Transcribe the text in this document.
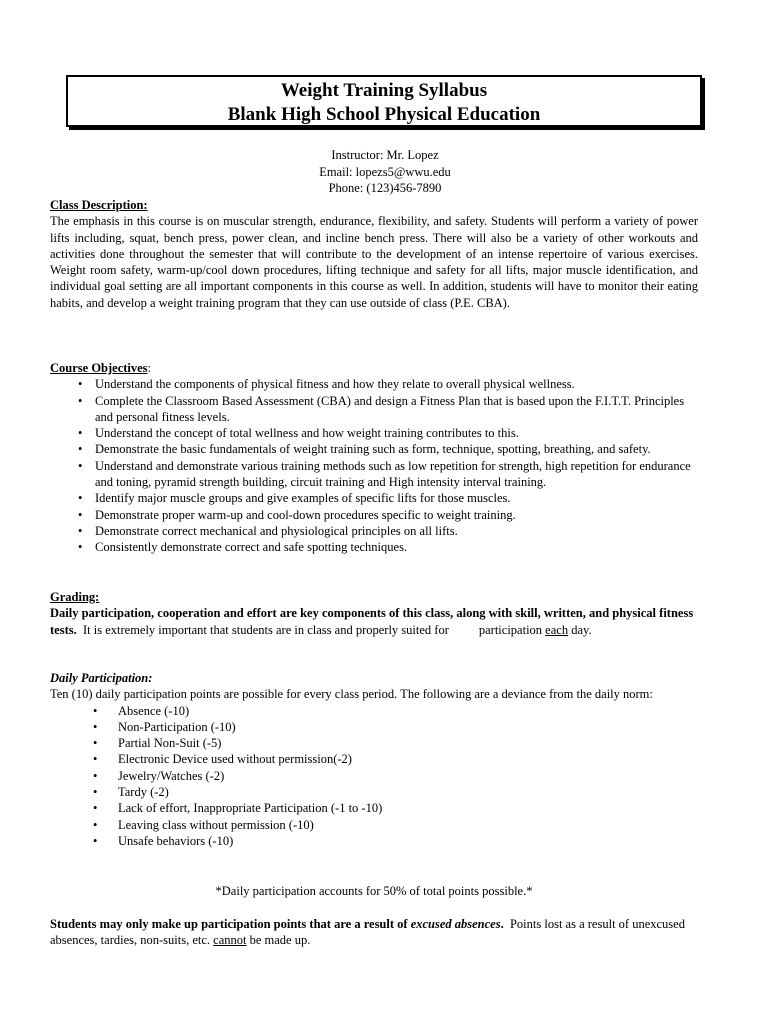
Weight Training Syllabus
Blank High School Physical Education
Instructor: Mr. Lopez
Email: lopezs5@wwu.edu
Phone: (123)456-7890
Class Description:
The emphasis in this course is on muscular strength, endurance, flexibility, and safety. Students will perform a variety of power lifts including, squat, bench press, power clean, and incline bench press. There will also be a variety of other workouts and activities done throughout the semester that will contribute to the development of an intense repertoire of various exercises. Weight room safety, warm-up/cool down procedures, lifting technique and safety for all lifts, major muscle identification, and individual goal setting are all important components in this course as well. In addition, students will have to monitor their eating habits, and develop a weight training program that they can use outside of class (P.E. CBA).
Course Objectives:
• Understand the components of physical fitness and how they relate to overall physical wellness.
• Complete the Classroom Based Assessment (CBA) and design a Fitness Plan that is based upon the F.I.T.T. Principles and personal fitness levels.
• Understand the concept of total wellness and how weight training contributes to this.
• Demonstrate the basic fundamentals of weight training such as form, technique, spotting, breathing, and safety.
• Understand and demonstrate various training methods such as low repetition for strength, high repetition for endurance and toning, pyramid strength building, circuit training and High intensity interval training.
• Identify major muscle groups and give examples of specific lifts for those muscles.
• Demonstrate proper warm-up and cool-down procedures specific to weight training.
• Demonstrate correct mechanical and physiological principles on all lifts.
• Consistently demonstrate correct and safe spotting techniques.
Grading:
Daily participation, cooperation and effort are key components of this class, along with skill, written, and physical fitness tests. It is extremely important that students are in class and properly suited for participation each day.
Daily Participation:
Ten (10) daily participation points are possible for every class period. The following are a deviance from the daily norm:
• Absence (-10)
• Non-Participation (-10)
• Partial Non-Suit (-5)
• Electronic Device used without permission(-2)
• Jewelry/Watches (-2)
• Tardy (-2)
• Lack of effort, Inappropriate Participation (-1 to -10)
• Leaving class without permission (-10)
• Unsafe behaviors (-10)
*Daily participation accounts for 50% of total points possible.*
Students may only make up participation points that are a result of excused absences. Points lost as a result of unexcused absences, tardies, non-suits, etc. cannot be made up.
